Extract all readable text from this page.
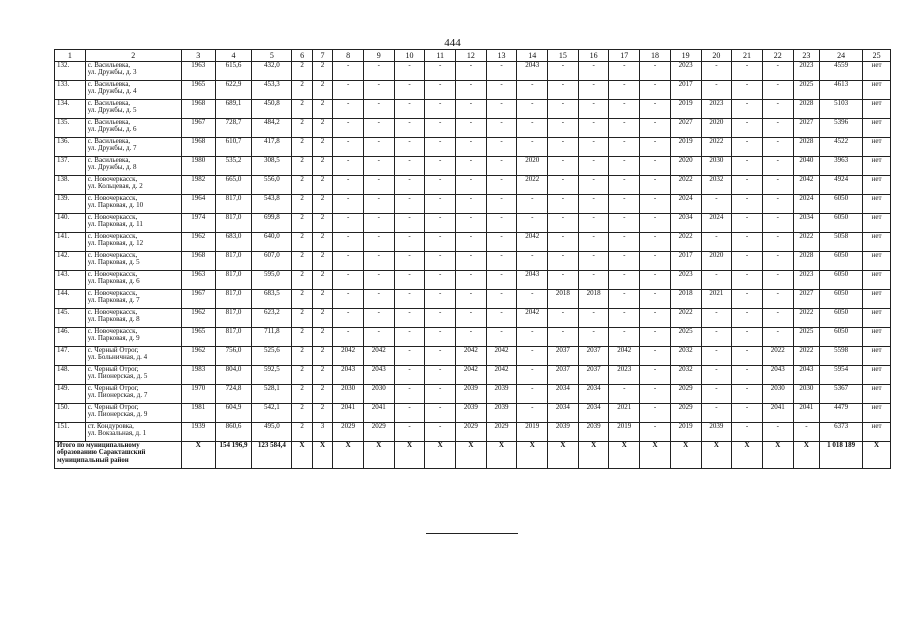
444
1	2	3	4	5	6	7	8	9	10	11	12	13	14	15	16	17	18	19	20	21	22	23	24	25
132.	с. Васильевка,
ул. Дружбы, д. 3	1963	615,6	432,0	2	2	-	-	-	-	-	-	2043	-	-	-	-	2023	-	-	-	2023	4559	нет
133.	с. Васильевка,
ул. Дружбы, д. 4	1965	622,9	453,3	2	2	-	-	-	-	-	-	-	-	-	-	-	2017	-	-	-	2025	4613	нет
134.	с. Васильевка,
ул. Дружбы, д. 5	1968	689,1	450,8	2	2	-	-	-	-	-	-	-	-	-	-	-	2019	2023	-	-	2028	5103	нет
135.	с. Васильевка,
ул. Дружбы, д. 6	1967	728,7	484,2	2	2	-	-	-	-	-	-	-	-	-	-	-	2027	2020	-	-	2027	5396	нет
136.	с. Васильевка,
ул. Дружбы, д. 7	1968	610,7	417,8	2	2	-	-	-	-	-	-	-	-	-	-	-	2019	2022	-	-	2028	4522	нет
137.	с. Васильевка,
ул. Дружбы, д. 8	1980	535,2	308,5	2	2	-	-	-	-	-	-	2020	-	-	-	-	2020	2030	-	-	2040	3963	нет
138.	с. Новочеркасск,
ул. Кольцевая, д. 2	1982	665,0	556,0	2	2	-	-	-	-	-	-	2022	-	-	-	-	2022	2032	-	-	2042	4924	нет
139.	с. Новочеркасск,
ул. Парковая, д. 10	1964	817,0	543,8	2	2	-	-	-	-	-	-	-	-	-	-	-	2024	-	-	-	2024	6050	нет
140.	с. Новочеркасск,
ул. Парковая, д. 11	1974	817,0	699,8	2	2	-	-	-	-	-	-	-	-	-	-	-	2034	2024	-	-	2034	6050	нет
141.	с. Новочеркасск,
ул. Парковая, д. 12	1962	683,0	640,0	2	2	-	-	-	-	-	-	2042	-	-	-	-	2022	-	-	-	2022	5058	нет
142.	с. Новочеркасск,
ул. Парковая, д. 5	1968	817,0	607,0	2	2	-	-	-	-	-	-	-	-	-	-	-	2017	2020	-	-	2028	6050	нет
143.	с. Новочеркасск,
ул. Парковая, д. 6	1963	817,0	595,0	2	2	-	-	-	-	-	-	2043	-	-	-	-	2023	-	-	-	2023	6050	нет
144.	с. Новочеркасск,
ул. Парковая, д. 7	1967	817,0	683,5	2	2	-	-	-	-	-	-	-	2018	2018	-	-	2018	2021	-	-	2027	6050	нет
145.	с. Новочеркасск,
ул. Парковая, д. 8	1962	817,0	623,2	2	2	-	-	-	-	-	-	2042	-	-	-	-	2022	-	-	-	2022	6050	нет
146.	с. Новочеркасск,
ул. Парковая, д. 9	1965	817,0	711,8	2	2	-	-	-	-	-	-	-	-	-	-	-	2025	-	-	-	2025	6050	нет
147.	с. Черный Отрог,
ул. Больничная, д. 4	1962	756,0	525,6	2	2	2042	2042	-	-	2042	2042	-	2037	2037	2042	-	2032	-	-	2022	2022	5598	нет
148.	с. Черный Отрог,
ул. Пионерская, д. 5	1983	804,0	592,5	2	2	2043	2043	-	-	2042	2042	-	2037	2037	2023	-	2032	-	-	2043	2043	5954	нет
149.	с. Черный Отрог,
ул. Пионерская, д. 7	1970	724,8	528,1	2	2	2030	2030	-	-	2039	2039	-	2034	2034	-	-	2029	-	-	2030	2030	5367	нет
150.	с. Черный Отрог,
ул. Пионерская, д. 9	1981	604,9	542,1	2	2	2041	2041	-	-	2039	2039	-	2034	2034	2021	-	2029	-	-	2041	2041	4479	нет
151.	ст. Кондуровка,
ул. Вокзальная, д. 1	1939	860,6	495,0	2	3	2029	2029	-	-	2029	2029	2019	2039	2039	2019	-	2019	2039	-	-	-	6373	нет
Итого по муниципальному образованию Саракташский муниципальный район		X	154 196,9	123 584,4	X	X	X	X	X	X	X	X	X	X	X	X	X	X	X	X	X	X	1 018 189	X
